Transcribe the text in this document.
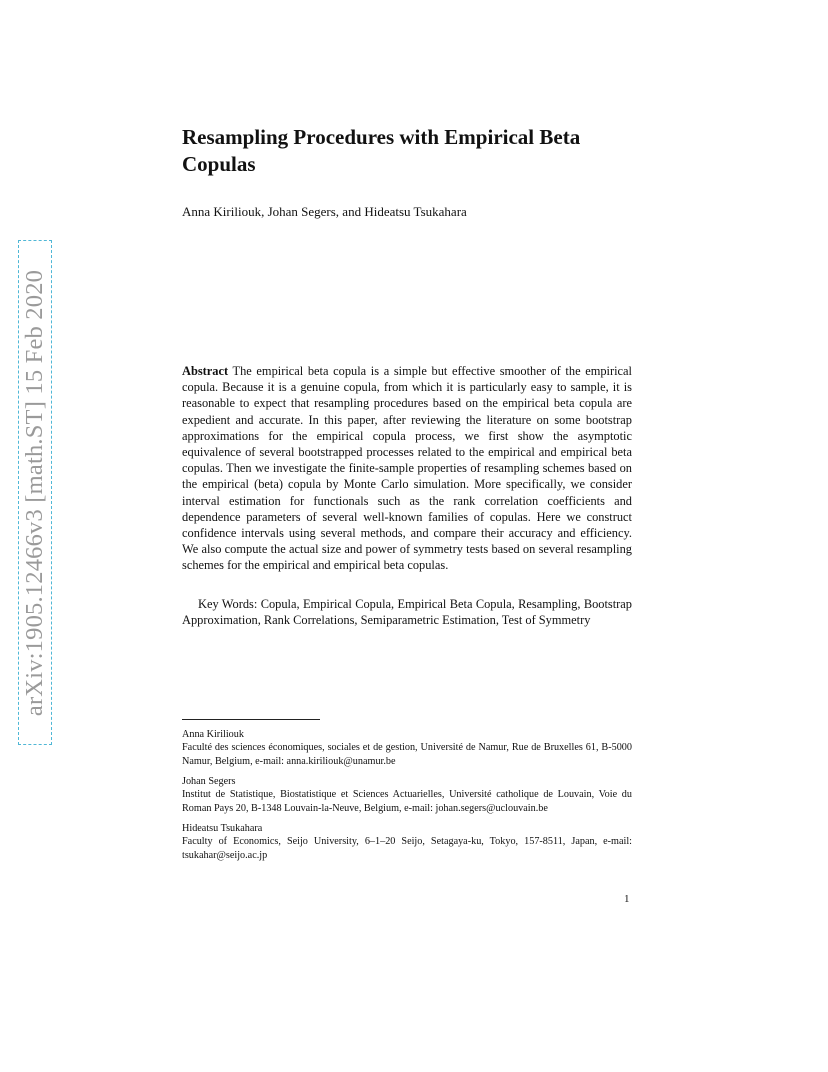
arXiv:1905.12466v3 [math.ST] 15 Feb 2020
Resampling Procedures with Empirical Beta Copulas
Anna Kiriliouk, Johan Segers, and Hideatsu Tsukahara

Abstract The empirical beta copula is a simple but effective smoother of the empirical copula. Because it is a genuine copula, from which it is particularly easy to sample, it is reasonable to expect that resampling procedures based on the empirical beta copula are expedient and accurate. In this paper, after reviewing the literature on some bootstrap approximations for the empirical copula process, we first show the asymptotic equivalence of several bootstrapped processes related to the empirical and empirical beta copulas. Then we investigate the finite-sample properties of resampling schemes based on the empirical (beta) copula by Monte Carlo simulation. More specifically, we consider interval estimation for functionals such as the rank correlation coefficients and dependence parameters of several well-known families of copulas. Here we construct confidence intervals using several methods, and compare their accuracy and efficiency. We also compute the actual size and power of symmetry tests based on several resampling schemes for the empirical and empirical beta copulas.

Key Words: Copula, Empirical Copula, Empirical Beta Copula, Resampling, Bootstrap Approximation, Rank Correlations, Semiparametric Estimation, Test of Symmetry

Anna Kiriliouk
Faculté des sciences économiques, sociales et de gestion, Université de Namur, Rue de Bruxelles 61, B-5000 Namur, Belgium, e-mail: anna.kiriliouk@unamur.be
Johan Segers
Institut de Statistique, Biostatistique et Sciences Actuarielles, Université catholique de Louvain, Voie du Roman Pays 20, B-1348 Louvain-la-Neuve, Belgium, e-mail: johan.segers@uclouvain.be
Hideatsu Tsukahara
Faculty of Economics, Seijo University, 6–1–20 Seijo, Setagaya-ku, Tokyo, 157-8511, Japan, e-mail: tsukahar@seijo.ac.jp
1
